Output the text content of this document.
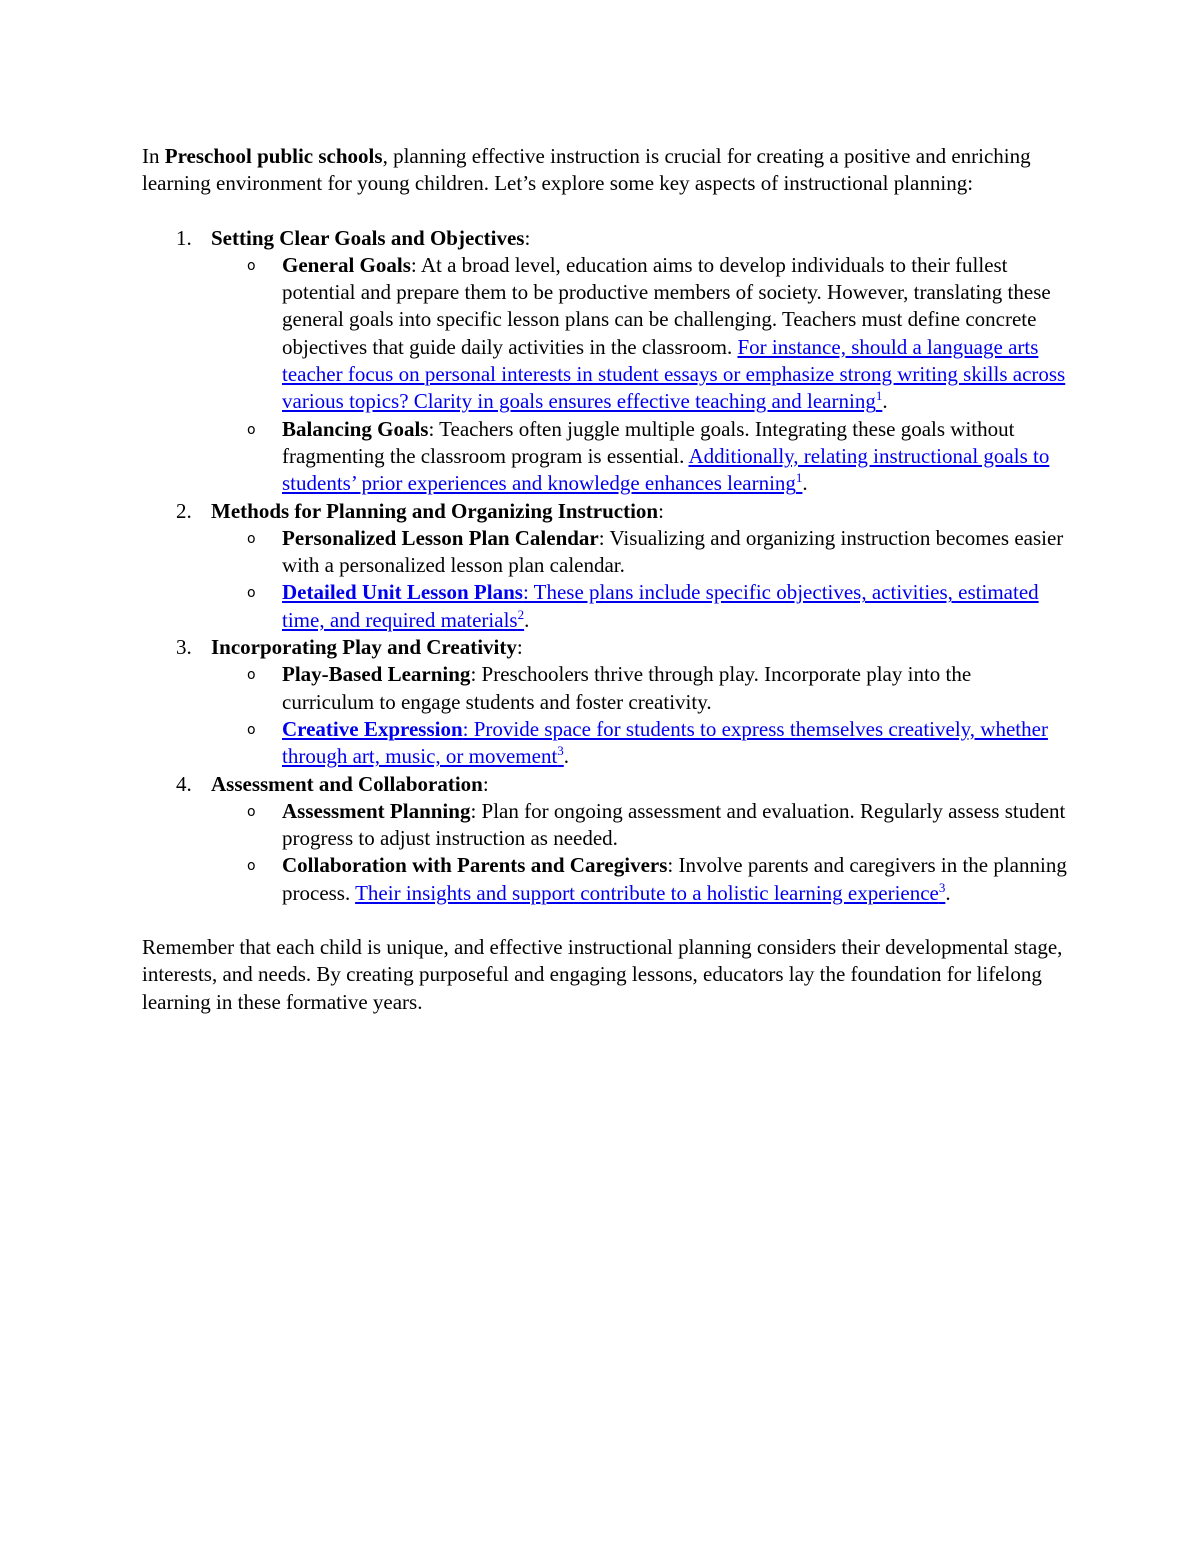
In Preschool public schools, planning effective instruction is crucial for creating a positive and enriching learning environment for young children. Let’s explore some key aspects of instructional planning:

1. Setting Clear Goals and Objectives:
o General Goals: At a broad level, education aims to develop individuals to their fullest potential and prepare them to be productive members of society. However, translating these general goals into specific lesson plans can be challenging. Teachers must define concrete objectives that guide daily activities in the classroom. For instance, should a language arts teacher focus on personal interests in student essays or emphasize strong writing skills across various topics? Clarity in goals ensures effective teaching and learning$^1$.
o Balancing Goals: Teachers often juggle multiple goals. Integrating these goals without fragmenting the classroom program is essential. Additionally, relating instructional goals to students’ prior experiences and knowledge enhances learning$^1$.
2. Methods for Planning and Organizing Instruction:
o Personalized Lesson Plan Calendar: Visualizing and organizing instruction becomes easier with a personalized lesson plan calendar.
o Detailed Unit Lesson Plans: These plans include specific objectives, activities, estimated time, and required materials$^2$.
3. Incorporating Play and Creativity:
o Play-Based Learning: Preschoolers thrive through play. Incorporate play into the curriculum to engage students and foster creativity.
o Creative Expression: Provide space for students to express themselves creatively, whether through art, music, or movement$^3$.
4. Assessment and Collaboration:
o Assessment Planning: Plan for ongoing assessment and evaluation. Regularly assess student progress to adjust instruction as needed.
o Collaboration with Parents and Caregivers: Involve parents and caregivers in the planning process. Their insights and support contribute to a holistic learning experience$^3$.

Remember that each child is unique, and effective instructional planning considers their developmental stage, interests, and needs. By creating purposeful and engaging lessons, educators lay the foundation for lifelong learning in these formative years.
